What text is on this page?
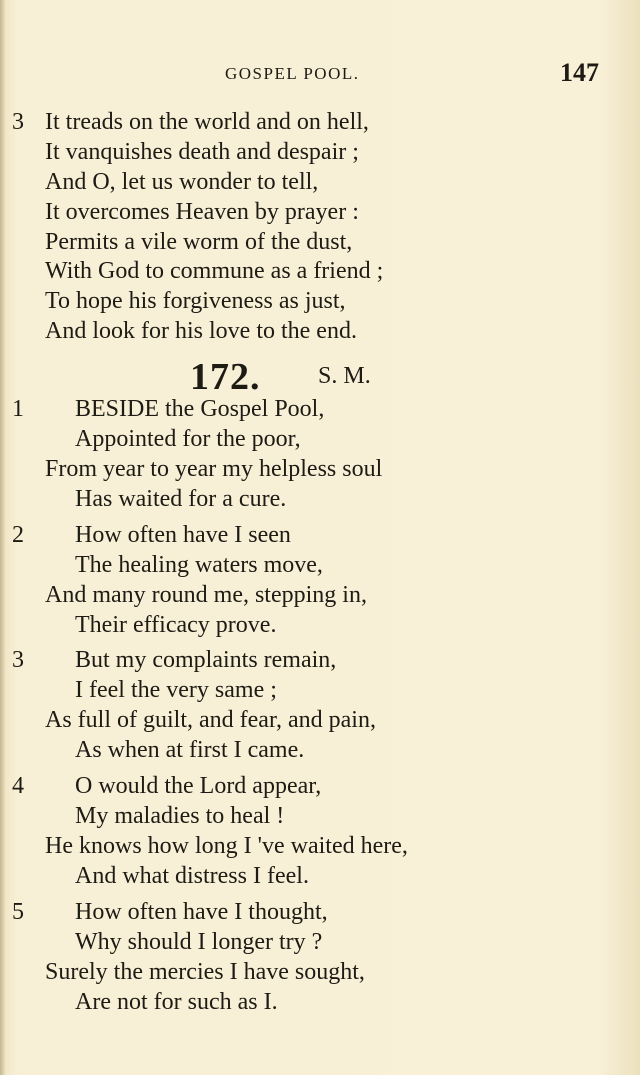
GOSPEL POOL.	147
3 It treads on the world and on hell,
It vanquishes death and despair ;
And O, let us wonder to tell,
It overcomes Heaven by prayer :
Permits a vile worm of the dust,
With God to commune as a friend ;
To hope his forgiveness as just,
And look for his love to the end.
172. S. M.
1 BESIDE the Gospel Pool,
Appointed for the poor,
From year to year my helpless soul
Has waited for a cure.
2 How often have I seen
The healing waters move,
And many round me, stepping in,
Their efficacy prove.
3 But my complaints remain,
I feel the very same ;
As full of guilt, and fear, and pain,
As when at first I came.
4 O would the Lord appear,
My maladies to heal !
He knows how long I 've waited here,
And what distress I feel.
5 How often have I thought,
Why should I longer try ?
Surely the mercies I have sought,
Are not for such as I.
